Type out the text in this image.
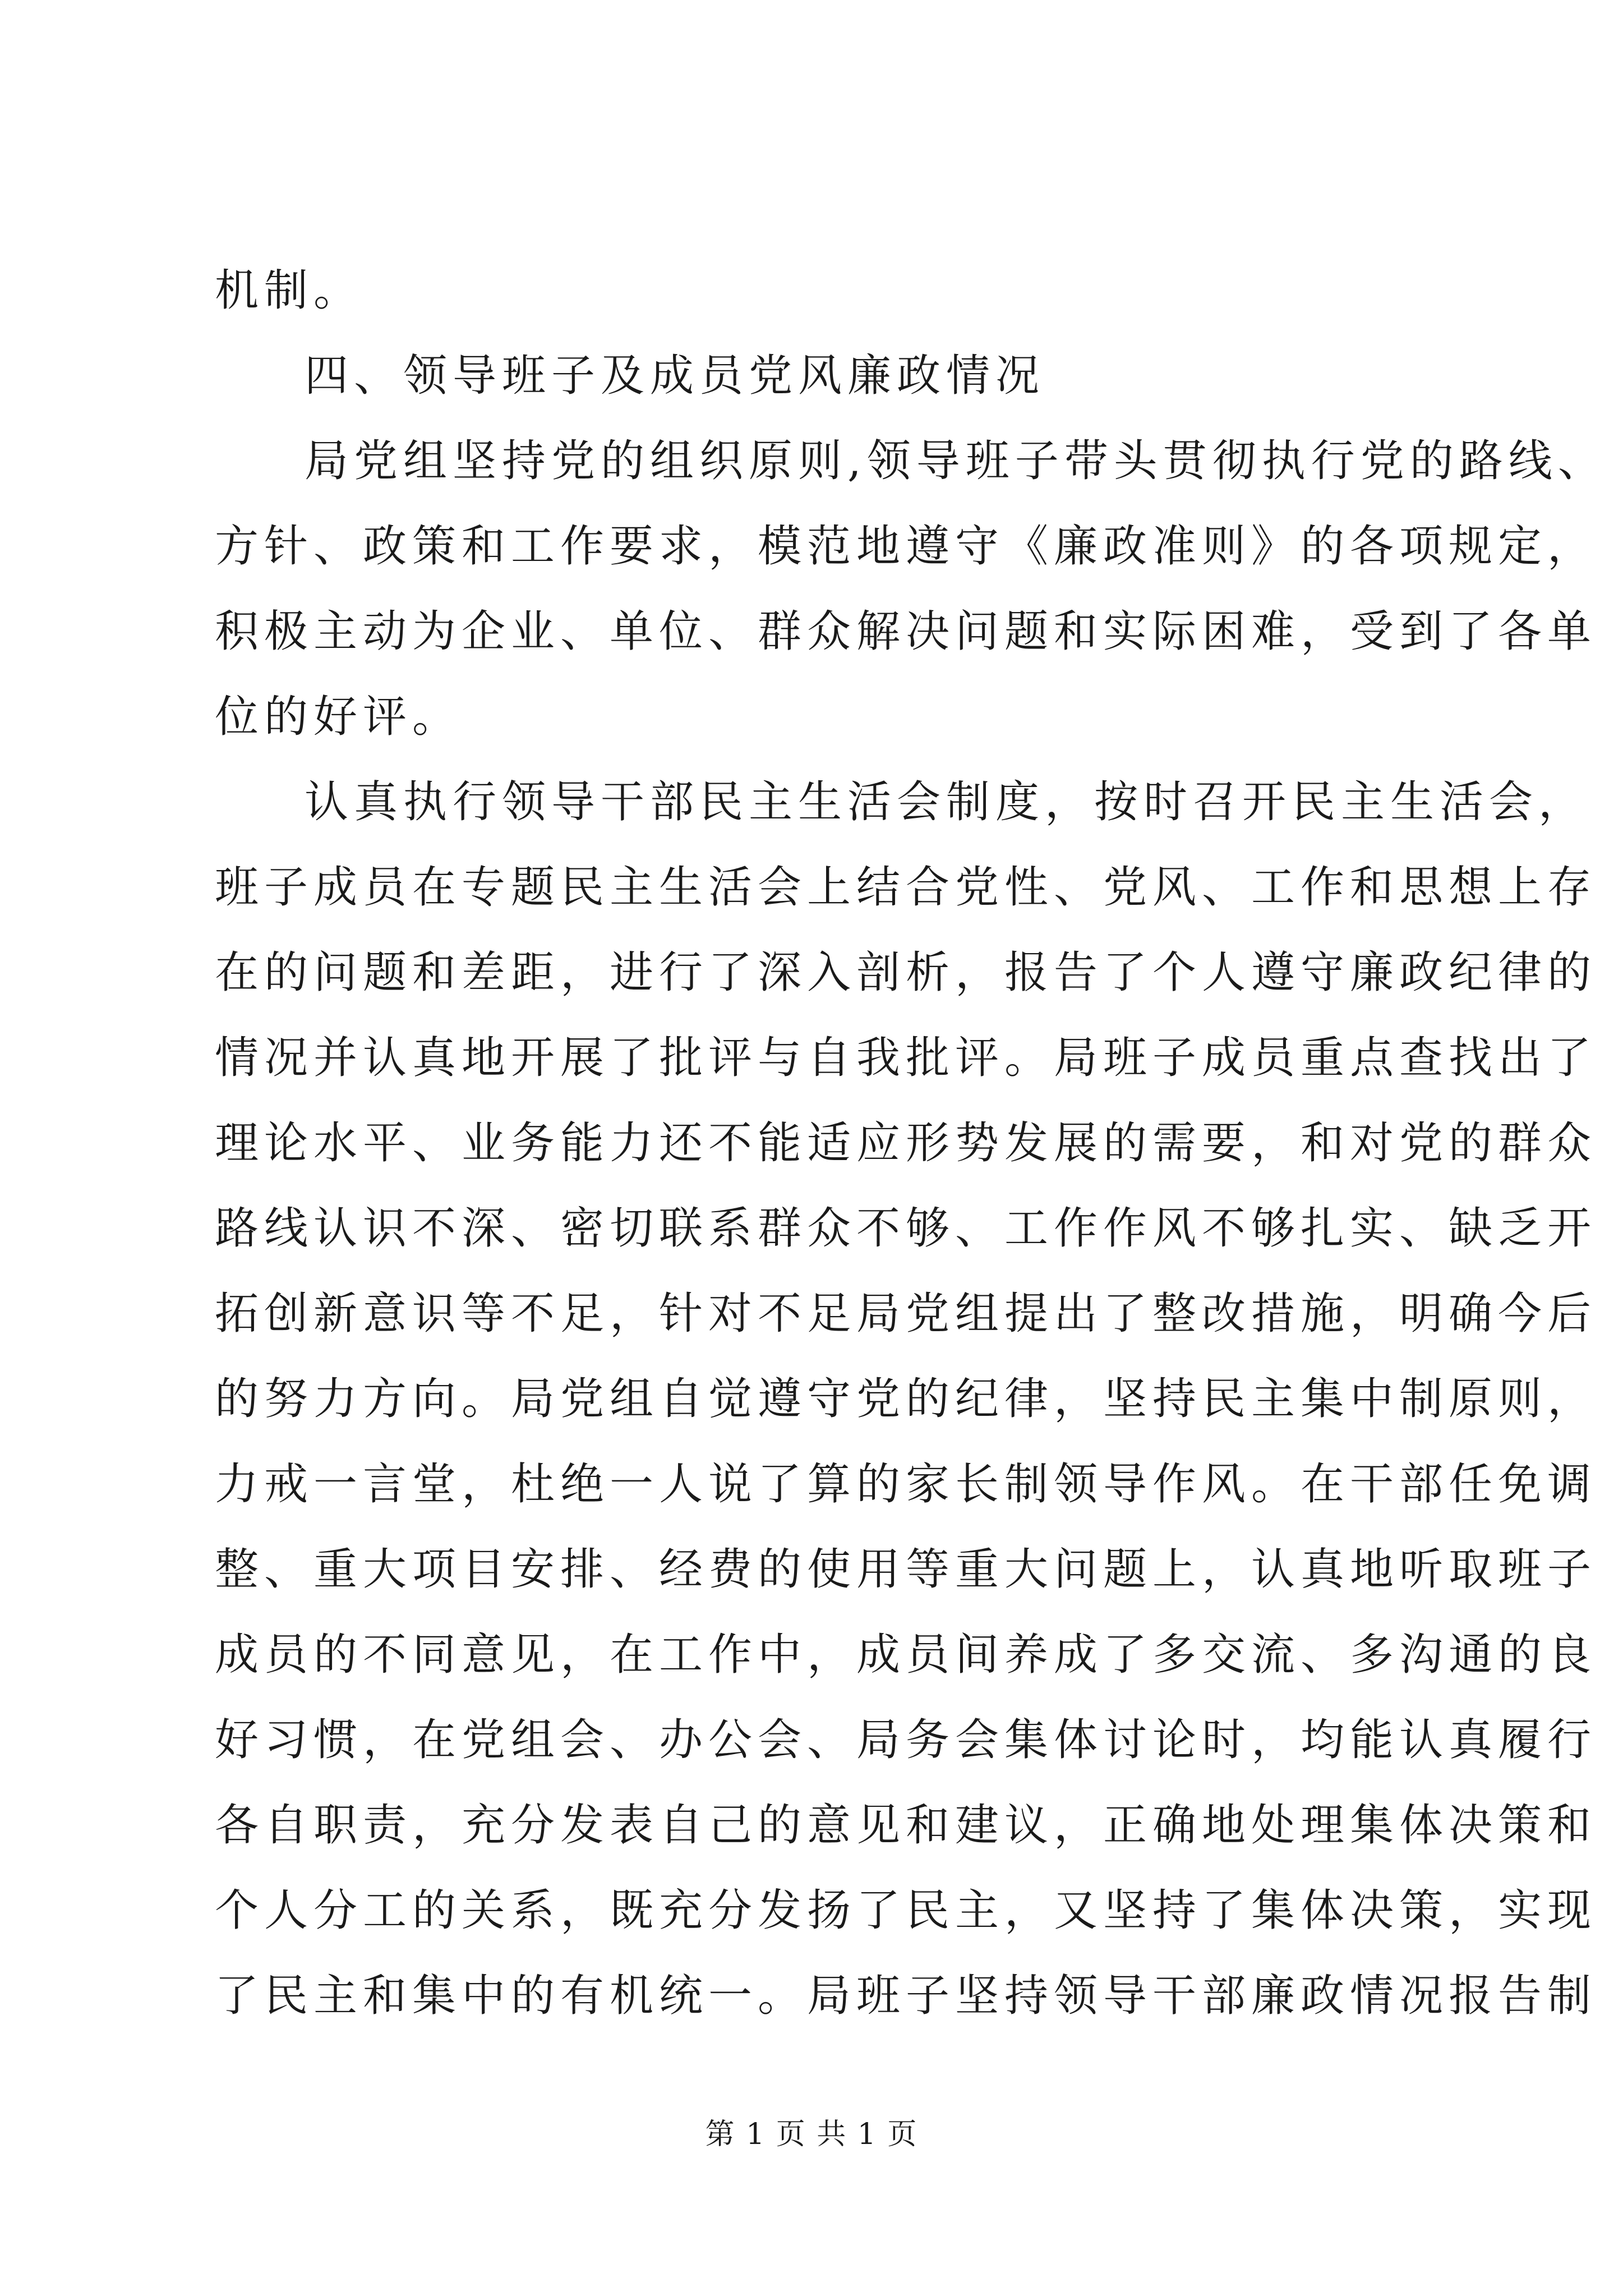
机制。
四、领导班子及成员党风廉政情况
局党组坚持党的组织原则,领导班子带头贯彻执行党的路线、
方针、政策和工作要求，模范地遵守《廉政准则》的各项规定，
积极主动为企业、单位、群众解决问题和实际困难，受到了各单
位的好评。
认真执行领导干部民主生活会制度，按时召开民主生活会，
班子成员在专题民主生活会上结合党性、党风、工作和思想上存
在的问题和差距，进行了深入剖析，报告了个人遵守廉政纪律的
情况并认真地开展了批评与自我批评。局班子成员重点查找出了
理论水平、业务能力还不能适应形势发展的需要，和对党的群众
路线认识不深、密切联系群众不够、工作作风不够扎实、缺乏开
拓创新意识等不足，针对不足局党组提出了整改措施，明确今后
的努力方向。局党组自觉遵守党的纪律，坚持民主集中制原则，
力戒一言堂，杜绝一人说了算的家长制领导作风。在干部任免调
整、重大项目安排、经费的使用等重大问题上，认真地听取班子
成员的不同意见，在工作中，成员间养成了多交流、多沟通的良
好习惯，在党组会、办公会、局务会集体讨论时，均能认真履行
各自职责，充分发表自己的意见和建议，正确地处理集体决策和
个人分工的关系，既充分发扬了民主，又坚持了集体决策，实现
了民主和集中的有机统一。局班子坚持领导干部廉政情况报告制
第 1 页 共 1 页
